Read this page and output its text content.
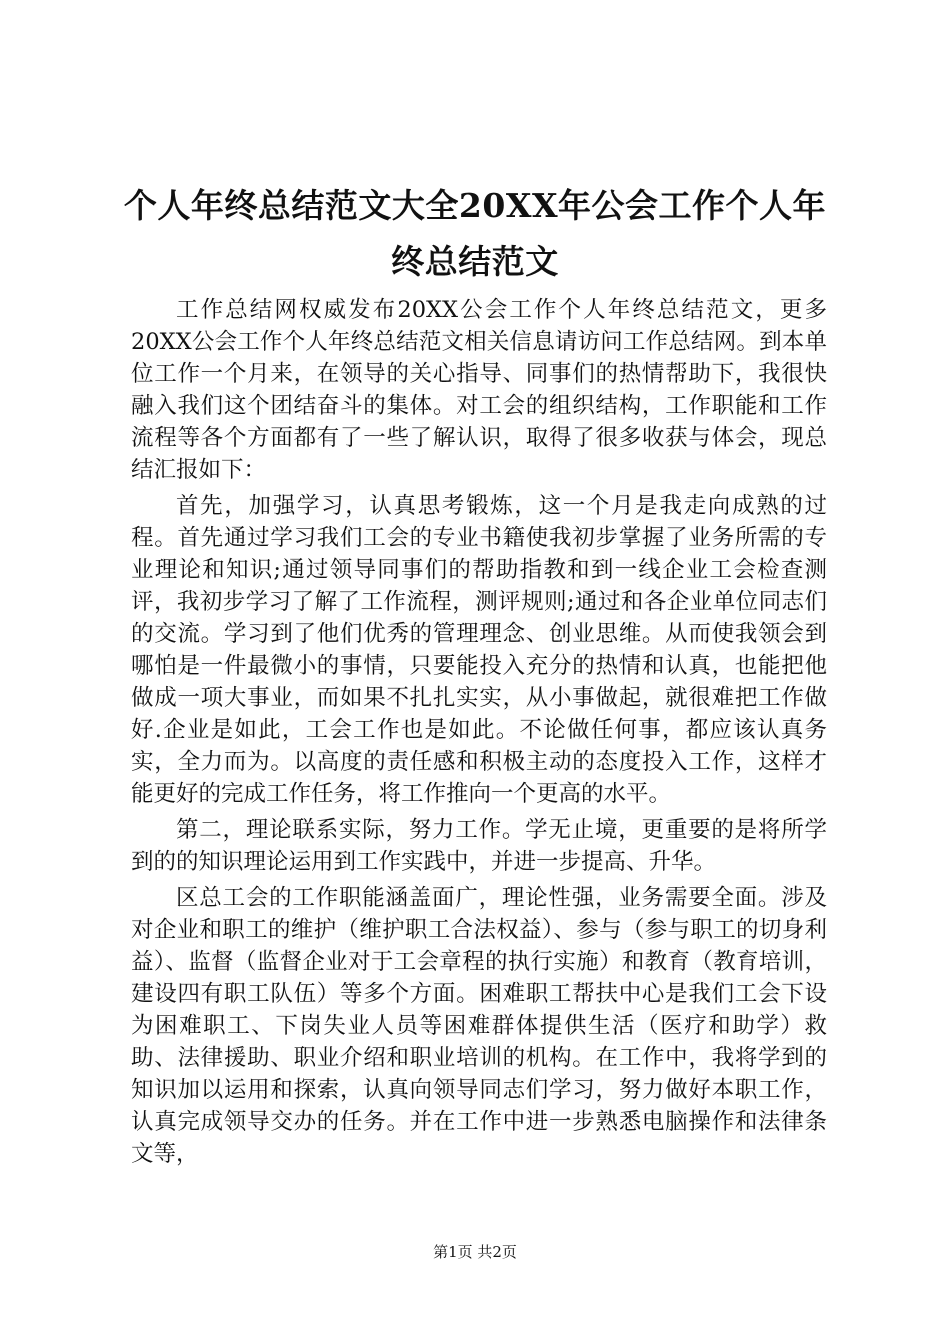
个人年终总结范文大全20XX年公会工作个人年终总结范文

工作总结网权威发布20XX公会工作个人年终总结范文，更多20XX公会工作个人年终总结范文相关信息请访问工作总结网。到本单位工作一个月来，在领导的关心指导、同事们的热情帮助下，我很快融入我们这个团结奋斗的集体。对工会的组织结构，工作职能和工作流程等各个方面都有了一些了解认识，取得了很多收获与体会，现总结汇报如下：

首先，加强学习，认真思考锻炼，这一个月是我走向成熟的过程。首先通过学习我们工会的专业书籍使我初步掌握了业务所需的专业理论和知识;通过领导同事们的帮助指教和到一线企业工会检查测评，我初步学习了解了工作流程，测评规则;通过和各企业单位同志们的交流。学习到了他们优秀的管理理念、创业思维。从而使我领会到哪怕是一件最微小的事情，只要能投入充分的热情和认真，也能把他做成一项大事业，而如果不扎扎实实，从小事做起，就很难把工作做好.企业是如此，工会工作也是如此。不论做任何事，都应该认真务实，全力而为。以高度的责任感和积极主动的态度投入工作，这样才能更好的完成工作任务，将工作推向一个更高的水平。

第二，理论联系实际，努力工作。学无止境，更重要的是将所学到的的知识理论运用到工作实践中，并进一步提高、升华。

区总工会的工作职能涵盖面广，理论性强，业务需要全面。涉及对企业和职工的维护（维护职工合法权益）、参与（参与职工的切身利益）、监督（监督企业对于工会章程的执行实施）和教育（教育培训，建设四有职工队伍）等多个方面。困难职工帮扶中心是我们工会下设为困难职工、下岗失业人员等困难群体提供生活（医疗和助学）救助、法律援助、职业介绍和职业培训的机构。在工作中，我将学到的知识加以运用和探索，认真向领导同志们学习，努力做好本职工作，认真完成领导交办的任务。并在工作中进一步熟悉电脑操作和法律条文等，

第1页 共2页
